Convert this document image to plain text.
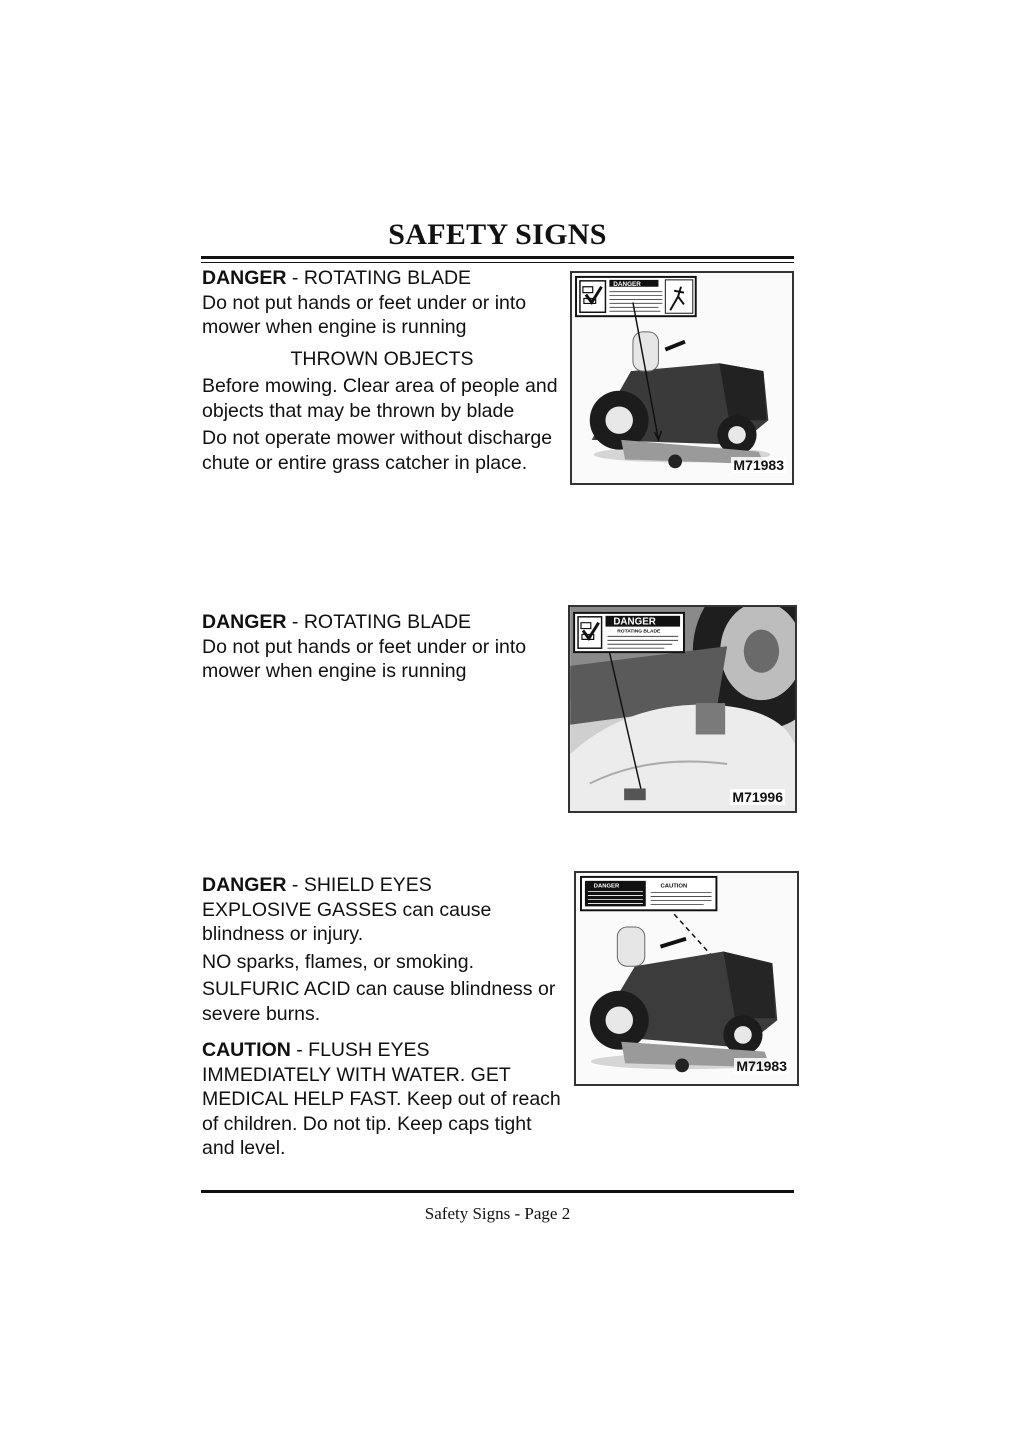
SAFETY SIGNS

DANGER - ROTATING BLADE

Do not put hands or feet under or into mower when engine is running

THROWN OBJECTS

Before mowing. Clear area of people and objects that may be thrown by blade

Do not operate mower without discharge chute or entire grass catcher in place.

DANGER
M71983

DANGER - ROTATING BLADE

Do not put hands or feet under or into mower when engine is running

DANGER
ROTATING BLADE
M71996

DANGER - SHIELD EYES

EXPLOSIVE GASSES can cause blindness or injury.

NO sparks, flames, or smoking.

SULFURIC ACID can cause blindness or severe burns.

CAUTION - FLUSH EYES IMMEDIATELY WITH WATER. GET MEDICAL HELP FAST. Keep out of reach of children. Do not tip. Keep caps tight and level.

DANGER	CAUTION
M71983
Safety Signs - Page 2
